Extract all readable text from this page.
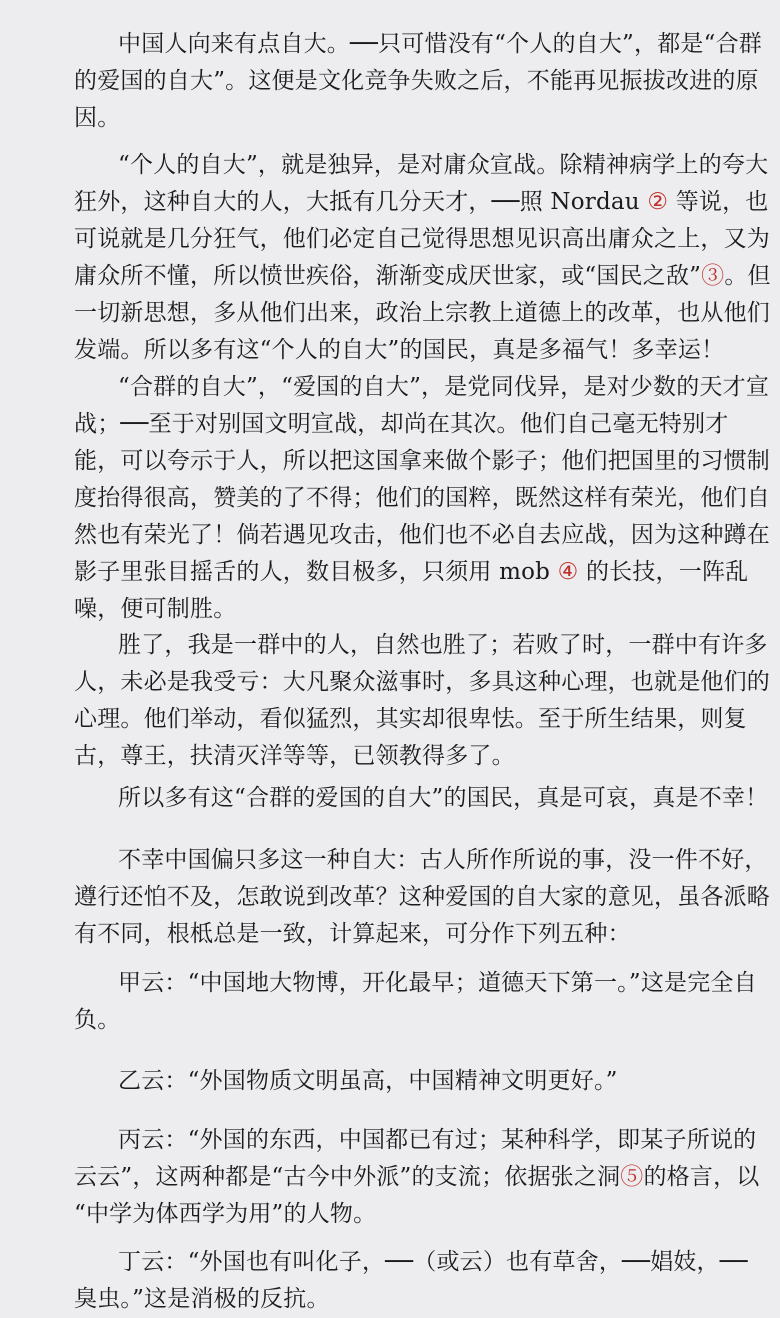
中国人向来有点自大。──只可惜没有“个人的自大”，都是“合群
的爱国的自大”。这便是文化竞争失败之后，不能再见振拔改进的原
因。
“个人的自大”，就是独异，是对庸众宣战。除精神病学上的夸大
狂外，这种自大的人，大抵有几分天才，──照 Nordau ② 等说，也
可说就是几分狂气，他们必定自己觉得思想见识高出庸众之上，又为
庸众所不懂，所以愤世疾俗，渐渐变成厌世家，或“国民之敌”③。但
一切新思想，多从他们出来，政治上宗教上道德上的改革，也从他们
发端。所以多有这“个人的自大”的国民，真是多福气！多幸运！
“合群的自大”，“爱国的自大”，是党同伐异，是对少数的天才宣
战；──至于对别国文明宣战，却尚在其次。他们自己毫无特别才
能，可以夸示于人，所以把这国拿来做个影子；他们把国里的习惯制
度抬得很高，赞美的了不得；他们的国粹，既然这样有荣光，他们自
然也有荣光了！倘若遇见攻击，他们也不必自去应战，因为这种蹲在
影子里张目摇舌的人，数目极多，只须用 mob ④ 的长技，一阵乱
噪，便可制胜。
胜了，我是一群中的人，自然也胜了；若败了时，一群中有许多
人，未必是我受亏：大凡聚众滋事时，多具这种心理，也就是他们的
心理。他们举动，看似猛烈，其实却很卑怯。至于所生结果，则复
古，尊王，扶清灭洋等等，已领教得多了。
所以多有这“合群的爱国的自大”的国民，真是可哀，真是不幸！
不幸中国偏只多这一种自大：古人所作所说的事，没一件不好，
遵行还怕不及，怎敢说到改革？这种爱国的自大家的意见，虽各派略
有不同，根柢总是一致，计算起来，可分作下列五种：
甲云：“中国地大物博，开化最早；道德天下第一。”这是完全自
负。
乙云：“外国物质文明虽高，中国精神文明更好。”
丙云：“外国的东西，中国都已有过；某种科学，即某子所说的
云云”，这两种都是“古今中外派”的支流；依据张之洞⑤的格言，以
“中学为体西学为用”的人物。
丁云：“外国也有叫化子，──（或云）也有草舍，──娼妓，──
臭虫。”这是消极的反抗。
